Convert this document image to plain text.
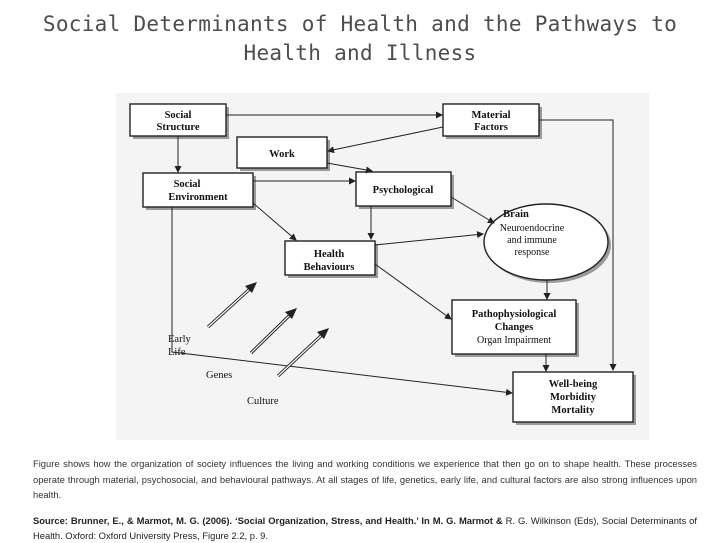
Social Determinants of Health and the Pathways to
Health and Illness
Social
Structure
Material
Factors
Work
Social
Environment
Psychological
Health
Behaviours
Brain
Pathophysiological
Changes
Well-being
Morbidity
Mortality
Neuroendocrine
and immune
response
Organ Impairment
Early
Life
Genes
Culture
Figure shows how the organization of society influences the living and working conditions we experience that then go on to shape health. These processes operate through material, psychosocial, and behavioural pathways. At all stages of life, genetics, early life, and cultural factors are also strong influences upon health.
Source: Brunner, E., & Marmot, M. G. (2006). ‘Social Organization, Stress, and Health.’ In M. G. Marmot & R. G. Wilkinson (Eds), Social Determinants of Health. Oxford: Oxford University Press, Figure 2.2, p. 9.
